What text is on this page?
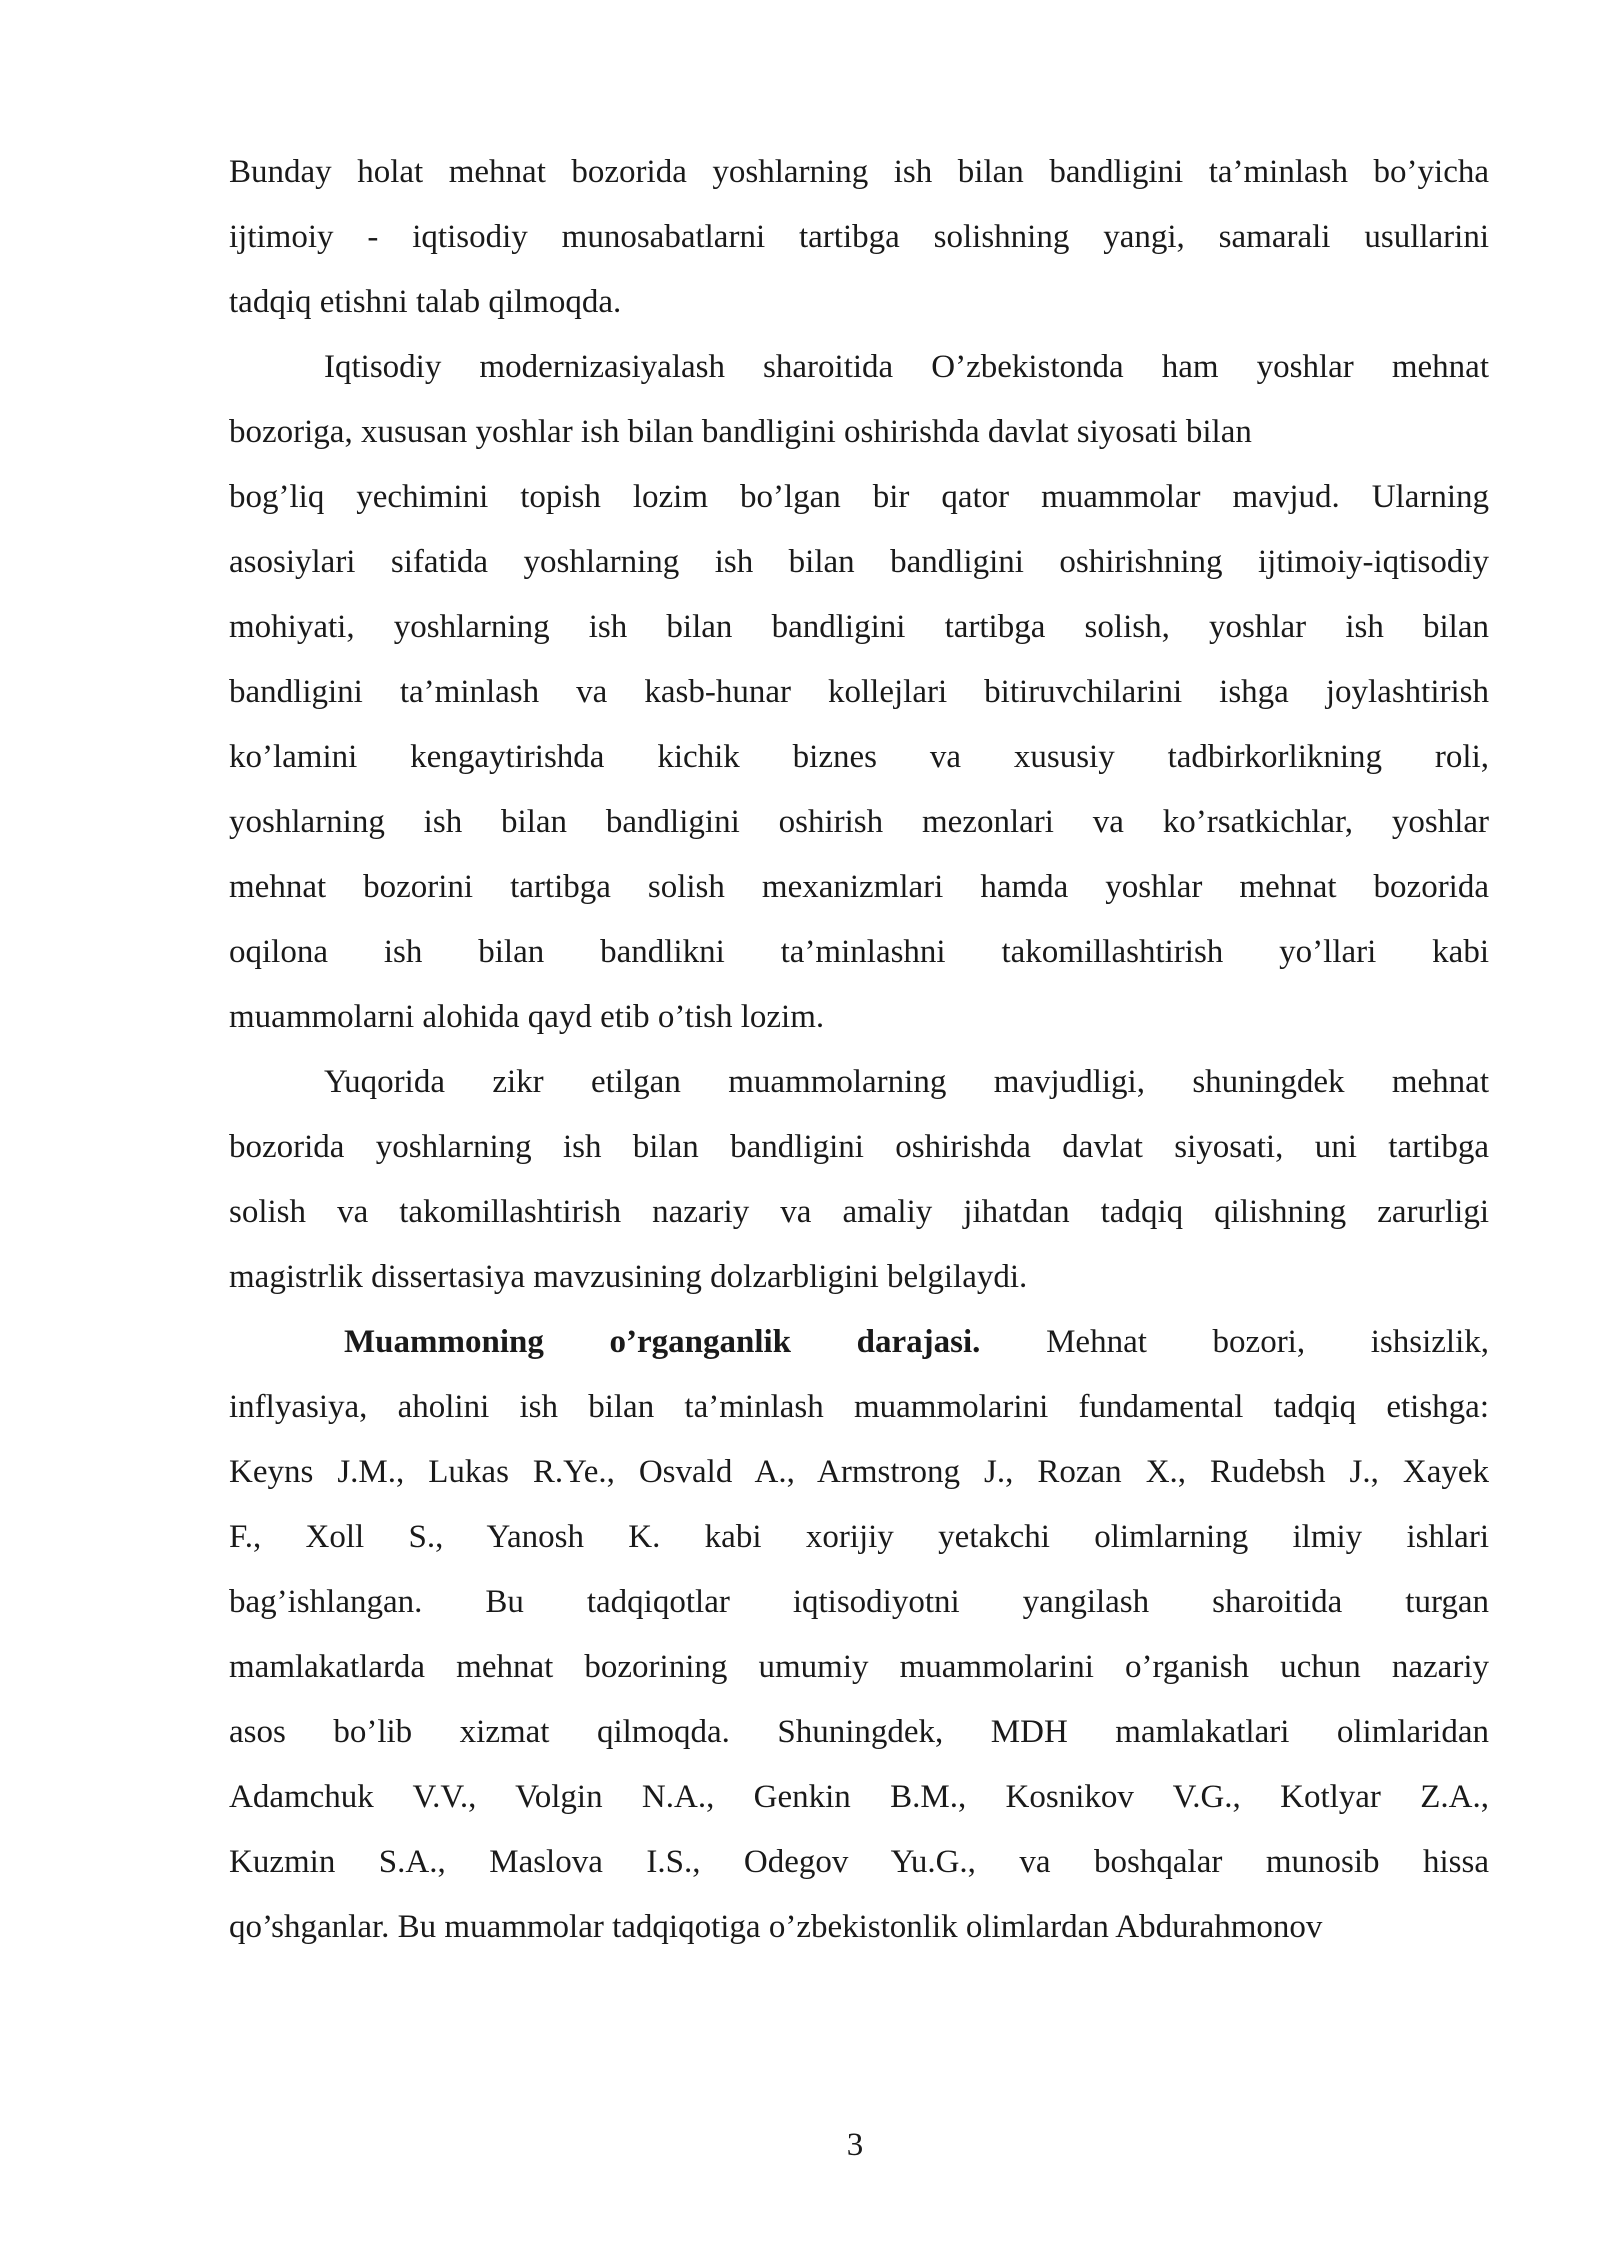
Bunday holat mehnat bozorida yoshlarning ish bilan bandligini ta’minlash bo’yicha
ijtimoiy - iqtisodiy munosabatlarni tartibga solishning yangi, samarali usullarini
tadqiq etishni talab qilmoqda.
Iqtisodiy modernizasiyalash sharoitida O’zbekistonda ham yoshlar mehnat
bozoriga, xususan yoshlar ish bilan bandligini oshirishda davlat siyosati bilan
bog’liq yechimini topish lozim bo’lgan bir qator muammolar mavjud. Ularning
asosiylari sifatida yoshlarning ish bilan bandligini oshirishning ijtimoiy-iqtisodiy
mohiyati, yoshlarning ish bilan bandligini tartibga solish, yoshlar ish bilan
bandligini ta’minlash va kasb-hunar kollejlari bitiruvchilarini ishga joylashtirish
ko’lamini kengaytirishda kichik biznes va xususiy tadbirkorlikning roli,
yoshlarning ish bilan bandligini oshirish mezonlari va ko’rsatkichlar, yoshlar
mehnat bozorini tartibga solish mexanizmlari hamda yoshlar mehnat bozorida
oqilona ish bilan bandlikni ta’minlashni takomillashtirish yo’llari kabi
muammolarni alohida qayd etib o’tish lozim.
Yuqorida zikr etilgan muammolarning mavjudligi, shuningdek mehnat
bozorida yoshlarning ish bilan bandligini oshirishda davlat siyosati, uni tartibga
solish va takomillashtirish nazariy va amaliy jihatdan tadqiq qilishning zarurligi
magistrlik dissertasiya mavzusining dolzarbligini belgilaydi.
Muammoning o’rganganlik darajasi. Mehnat bozori, ishsizlik,
inflyasiya, aholini ish bilan ta’minlash muammolarini fundamental tadqiq etishga:
Keyns J.M., Lukas R.Ye., Osvald A., Armstrong J., Rozan X., Rudebsh J., Xayek
F., Xoll S., Yanosh K. kabi xorijiy yetakchi olimlarning ilmiy ishlari
bag’ishlangan. Bu tadqiqotlar iqtisodiyotni yangilash sharoitida turgan
mamlakatlarda mehnat bozorining umumiy muammolarini o’rganish uchun nazariy
asos bo’lib xizmat qilmoqda. Shuningdek, MDH mamlakatlari olimlaridan
Adamchuk V.V., Volgin N.A., Genkin B.M., Kosnikov V.G., Kotlyar Z.A.,
Kuzmin S.A., Maslova I.S., Odegov Yu.G., va boshqalar munosib hissa
qo’shganlar. Bu muammolar tadqiqotiga o’zbekistonlik olimlardan Abdurahmonov
3
